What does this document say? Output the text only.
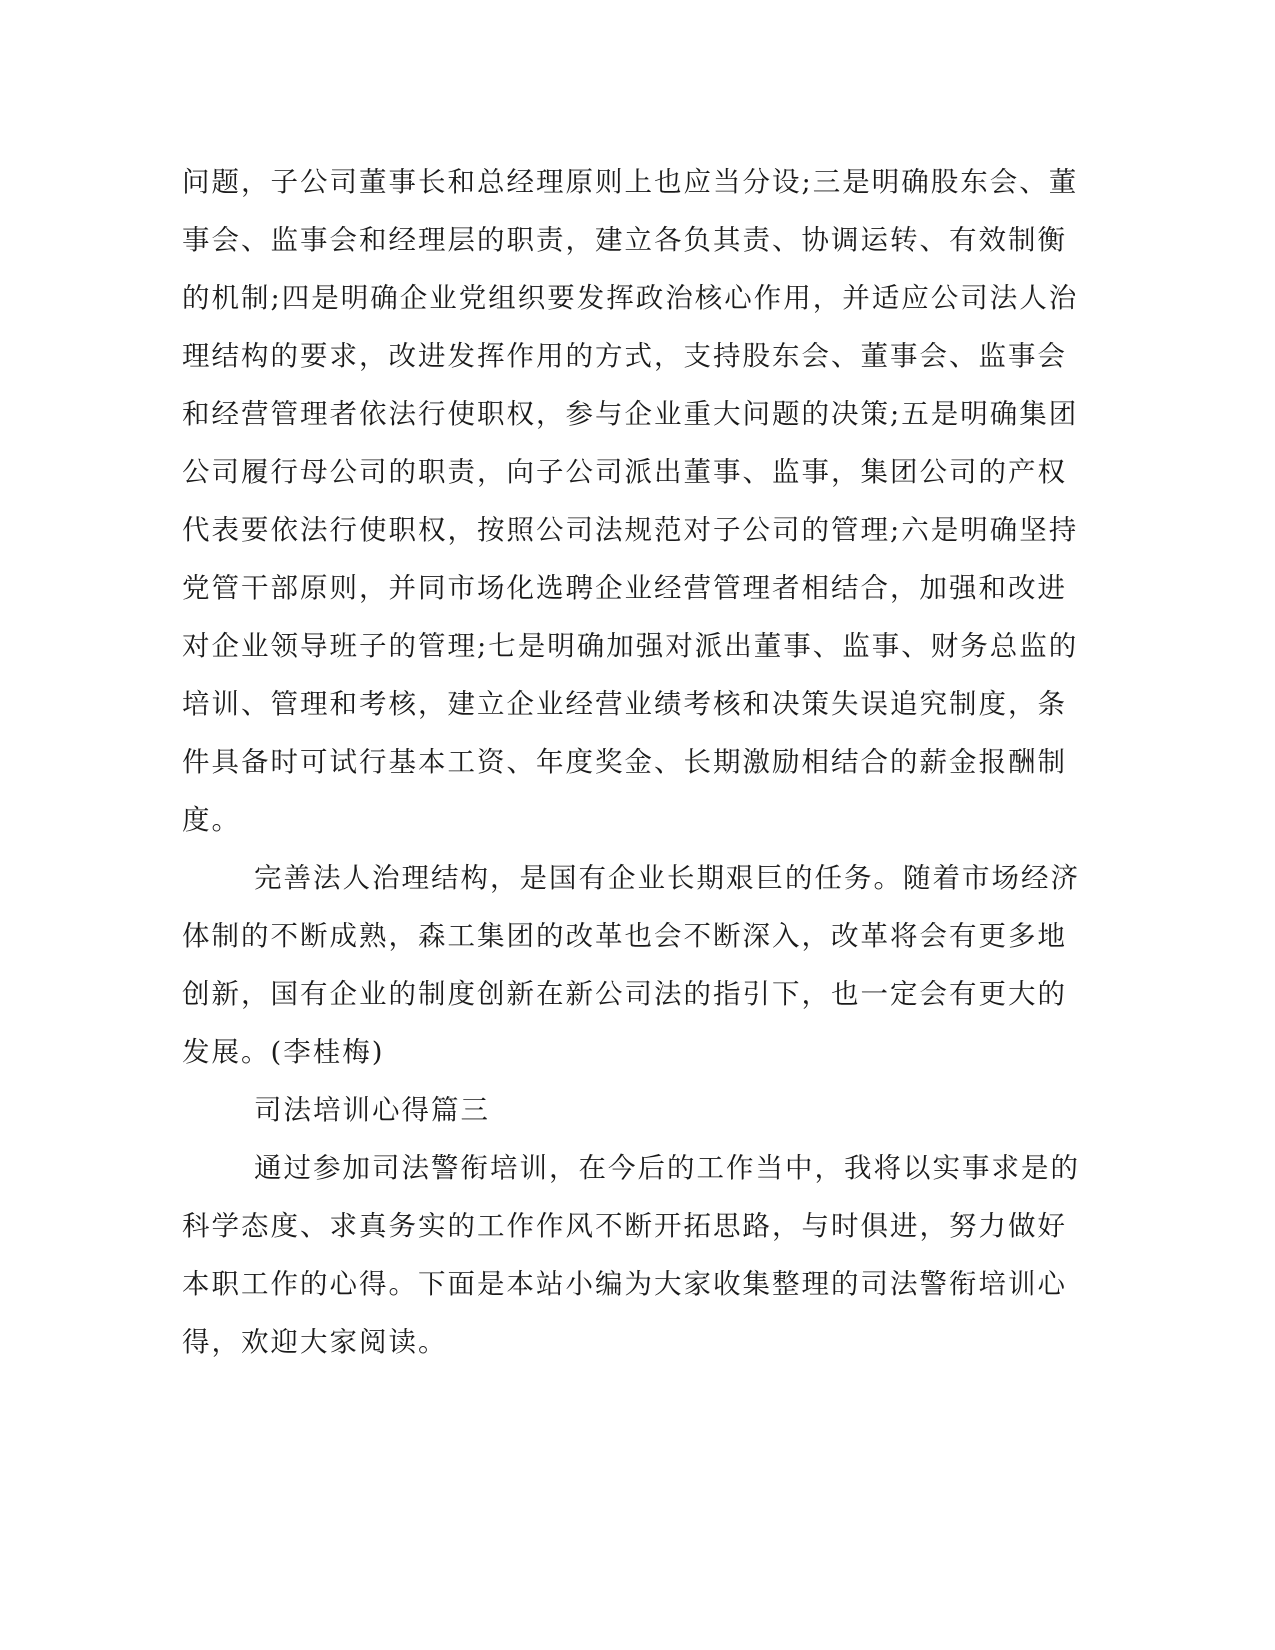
问题，子公司董事长和总经理原则上也应当分设;三是明确股东会、董
事会、监事会和经理层的职责，建立各负其责、协调运转、有效制衡
的机制;四是明确企业党组织要发挥政治核心作用，并适应公司法人治
理结构的要求，改进发挥作用的方式，支持股东会、董事会、监事会
和经营管理者依法行使职权，参与企业重大问题的决策;五是明确集团
公司履行母公司的职责，向子公司派出董事、监事，集团公司的产权
代表要依法行使职权，按照公司法规范对子公司的管理;六是明确坚持
党管干部原则，并同市场化选聘企业经营管理者相结合，加强和改进
对企业领导班子的管理;七是明确加强对派出董事、监事、财务总监的
培训、管理和考核，建立企业经营业绩考核和决策失误追究制度，条
件具备时可试行基本工资、年度奖金、长期激励相结合的薪金报酬制
度。
完善法人治理结构，是国有企业长期艰巨的任务。随着市场经济
体制的不断成熟，森工集团的改革也会不断深入，改革将会有更多地
创新，国有企业的制度创新在新公司法的指引下，也一定会有更大的
发展。(李桂梅)
司法培训心得篇三
通过参加司法警衔培训，在今后的工作当中，我将以实事求是的
科学态度、求真务实的工作作风不断开拓思路，与时俱进，努力做好
本职工作的心得。下面是本站小编为大家收集整理的司法警衔培训心
得，欢迎大家阅读。
